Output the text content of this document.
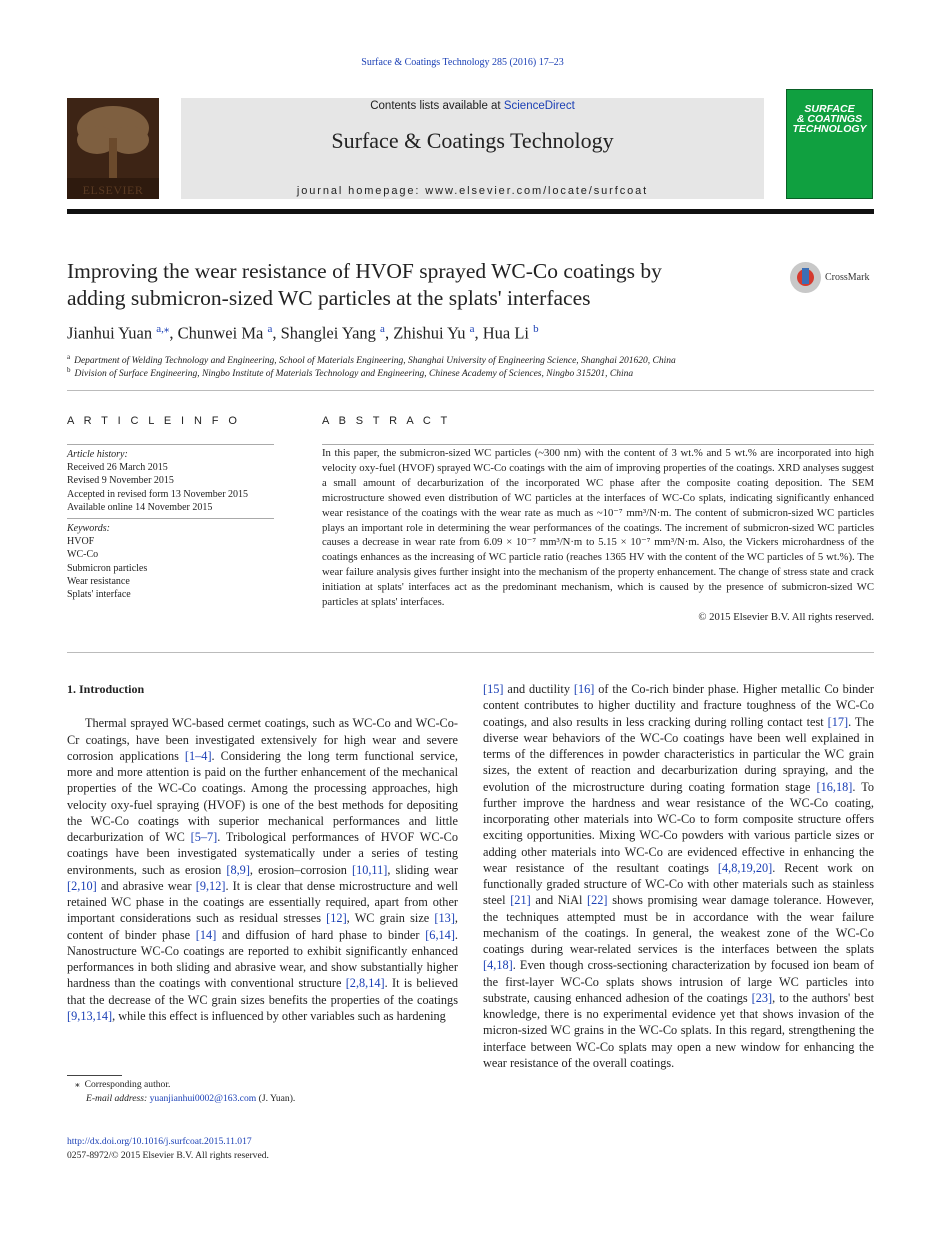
Surface & Coatings Technology 285 (2016) 17–23
ELSEVIER
Contents lists available at ScienceDirect
Surface & Coatings Technology
journal homepage: www.elsevier.com/locate/surfcoat
SURFACE
& COATINGS
TECHNOLOGY
Improving the wear resistance of HVOF sprayed WC-Co coatings by
adding submicron-sized WC particles at the splats' interfaces
CrossMark
Jianhui Yuan $^{a,⁎}$, Chunwei Ma $^a$, Shanglei Yang $^a$, Zhishui Yu $^a$, Hua Li $^b$
$^a$ Department of Welding Technology and Engineering, School of Materials Engineering, Shanghai University of Engineering Science, Shanghai 201620, China
$^b$ Division of Surface Engineering, Ningbo Institute of Materials Technology and Engineering, Chinese Academy of Sciences, Ningbo 315201, China
A R T I C L E I N F O	A B S T R A C T
Article history:
Received 26 March 2015
Revised 9 November 2015
Accepted in revised form 13 November 2015
Available online 14 November 2015
Keywords:
HVOF
WC-Co
Submicron particles
Wear resistance
Splats' interface
In this paper, the submicron-sized WC particles (~300 nm) with the content of 3 wt.% and 5 wt.% are incorporated into high velocity oxy-fuel (HVOF) sprayed WC-Co coatings with the aim of improving properties of the coatings. XRD analyses suggest a small amount of decarburization of the incorporated WC phase after the composite coating deposition. The SEM microstructure showed even distribution of WC particles at the interfaces of WC-Co splats, indicating significantly enhanced wear resistance of the coatings with the wear rate as much as ~10⁻⁷ mm³/N·m. The content of submicron-sized WC particles plays an important role in determining the wear performances of the coatings. The increment of submicron-sized WC particles causes a decrease in wear rate from 6.09 × 10⁻⁷ mm³/N·m to 5.15 × 10⁻⁷ mm³/N·m. Also, the Vickers microhardness of the coatings enhances as the increasing of WC particle ratio (reaches 1365 HV with the content of the WC particles of 5 wt.%). The wear failure analysis gives further insight into the mechanism of the property enhancement. The change of stress state and crack initiation at splats' interfaces act as the predominant mechanism, which is caused by the presence of submicron-sized WC particles at splats' interfaces.
© 2015 Elsevier B.V. All rights reserved.
1. Introduction

Thermal sprayed WC-based cermet coatings, such as WC-Co and WC-Co-Cr coatings, have been investigated extensively for high wear and severe corrosion applications [1–4]. Considering the long term functional service, more and more attention is paid on the further enhancement of the mechanical properties of the WC-Co coatings. Among the processing approaches, high velocity oxy-fuel spraying (HVOF) is one of the best methods for depositing the WC-Co coatings with superior mechanical performances and little decarburization of WC [5–7]. Tribological performances of HVOF WC-Co coatings have been investigated systematically under a series of testing environments, such as erosion [8,9], erosion–corrosion [10,11], sliding wear [2,10] and abrasive wear [9,12]. It is clear that dense microstructure and well retained WC phase in the coatings are essentially required, apart from other important considerations such as residual stresses [12], WC grain size [13], content of binder phase [14] and diffusion of hard phase to binder [6,14]. Nanostructure WC-Co coatings are reported to exhibit significantly enhanced performances in both sliding and abrasive wear, and show substantially higher hardness than the coatings with conventional structure [2,8,14]. It is believed that the decrease of the WC grain sizes benefits the properties of the coatings [9,13,14], while this effect is influenced by other variables such as hardening

[15] and ductility [16] of the Co-rich binder phase. Higher metallic Co binder content contributes to higher ductility and fracture toughness of the WC-Co coatings, and also results in less cracking during rolling contact test [17]. The diverse wear behaviors of the WC-Co coatings have been well explained in terms of the differences in powder characteristics in particular the WC grain sizes, the extent of reaction and decarburization during spraying, and the evolution of the microstructure during coating formation stage [16,18]. To further improve the hardness and wear resistance of the WC-Co coating, incorporating other materials into WC-Co to form composite structure offers exciting opportunities. Mixing WC-Co powders with various particle sizes or adding other materials into WC-Co are evidenced effective in enhancing the wear resistance of the resultant coatings [4,8,19,20]. Recent work on functionally graded structure of WC-Co with other materials such as stainless steel [21] and NiAl [22] shows promising wear damage tolerance. However, the techniques attempted must be in accordance with the wear failure mechanism of the coatings. In general, the weakest zone of the WC-Co coatings during wear-related services is the interfaces between the splats [4,18]. Even though cross-sectioning characterization by focused ion beam of the first-layer WC-Co splats shows intrusion of large WC particles into substrate, causing enhanced adhesion of the coatings [23], to the authors' best knowledge, there is no experimental evidence yet that shows invasion of the micron-sized WC grains in the WC-Co splats. In this regard, strengthening the interface between WC-Co splats may open a new window for enhancing the wear resistance of the overall coatings.

⁎ Corresponding author.
E-mail address: yuanjianhui0002@163.com (J. Yuan).
http://dx.doi.org/10.1016/j.surfcoat.2015.11.017
0257-8972/© 2015 Elsevier B.V. All rights reserved.
